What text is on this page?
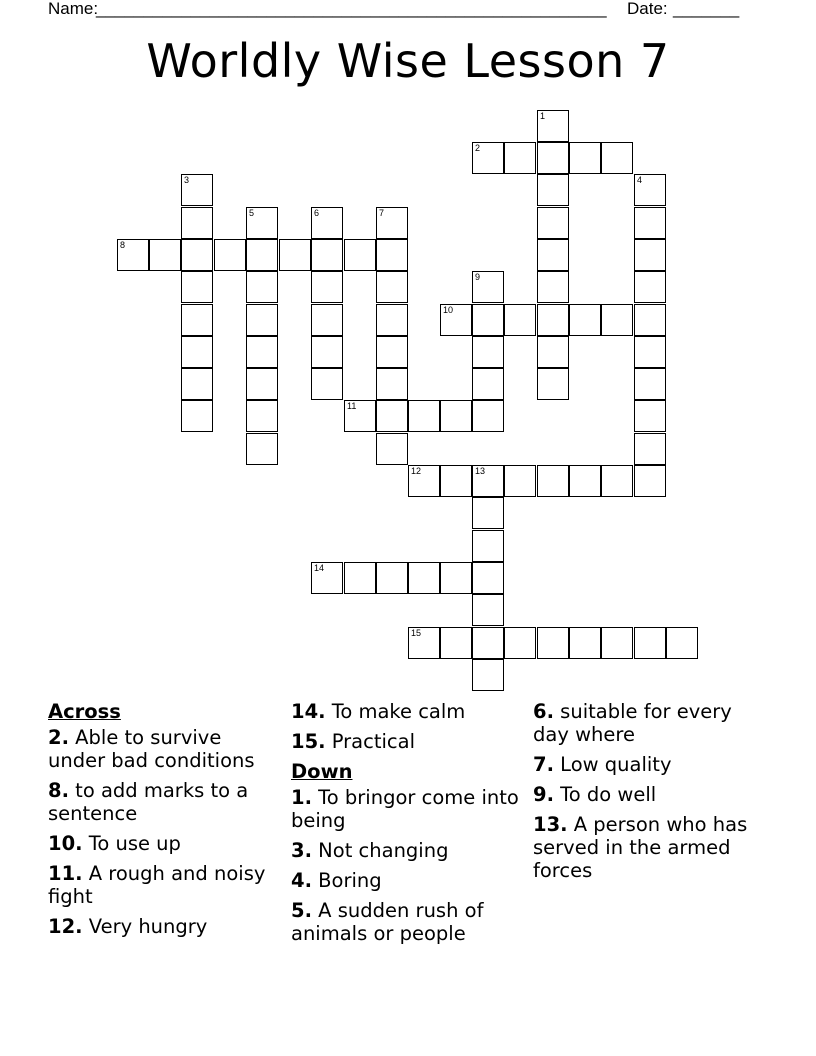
Name:
______________________________________________________ Date: _______
Worldly Wise Lesson 7
1
2
3	4
5	6	7
8
9
10
11
12	13
14
15
Across
2. Able to survive under bad conditions
8. to add marks to a sentence
10. To use up
11. A rough and noisy fight
12. Very hungry
14. To make calm
15. Practical
Down
1. To bringor come into being
3. Not changing
4. Boring
5. A sudden rush of animals or people
6. suitable for every day where
7. Low quality
9. To do well
13. A person who has served in the armed forces
